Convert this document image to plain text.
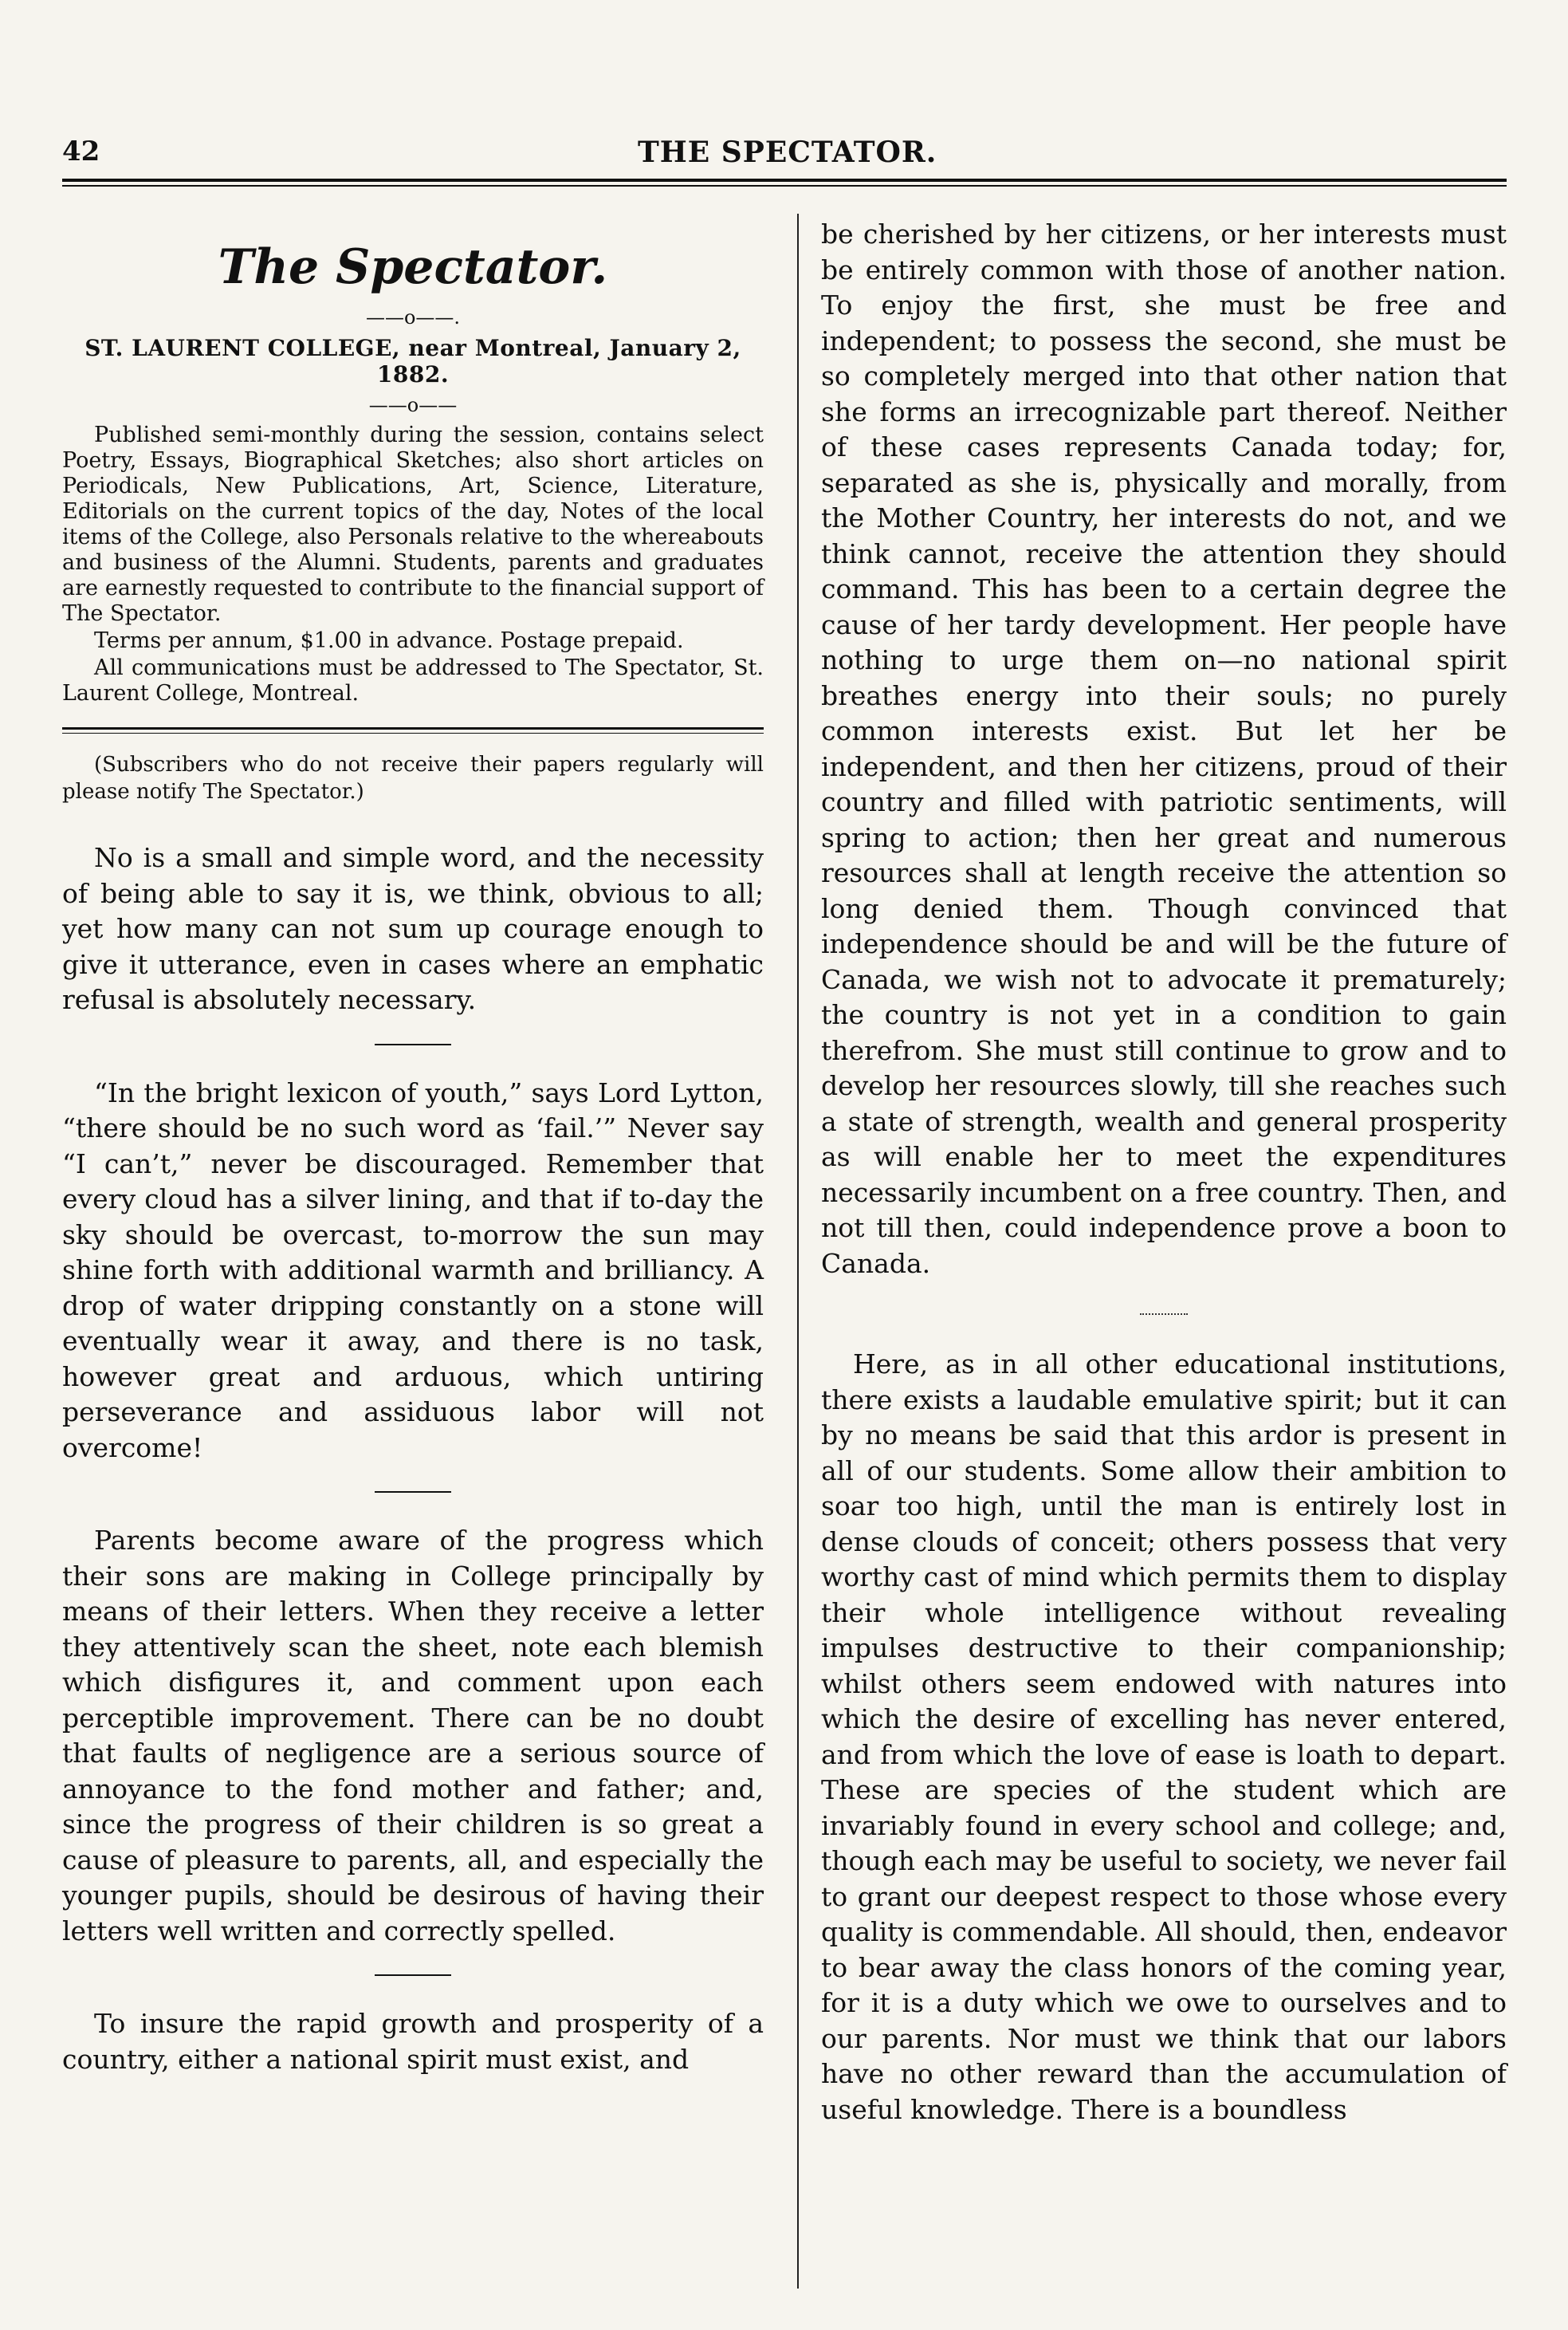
42	THE SPECTATOR.
The Spectator.
——o——.
ST. LAURENT COLLEGE, near Montreal, January 2, 1882.
——o——

Published semi-monthly during the session, contains select Poetry, Essays, Biographical Sketches; also short articles on Periodicals, New Publications, Art, Science, Literature, Editorials on the current topics of the day, Notes of the local items of the College, also Personals relative to the whereabouts and business of the Alumni. Students, parents and graduates are earnestly requested to contribute to the financial support of The Spectator.

Terms per annum, $1.00 in advance. Postage prepaid.

All communications must be addressed to The Spectator, St. Laurent College, Montreal.

(Subscribers who do not receive their papers regularly will please notify The Spectator.)

No is a small and simple word, and the necessity of being able to say it is, we think, obvious to all; yet how many can not sum up courage enough to give it utterance, even in cases where an emphatic refusal is absolutely necessary.

“In the bright lexicon of youth,” says Lord Lytton, “there should be no such word as ‘fail.’” Never say “I can’t,” never be discouraged. Remember that every cloud has a silver lining, and that if to-day the sky should be overcast, to-morrow the sun may shine forth with additional warmth and brilliancy. A drop of water dripping constantly on a stone will eventually wear it away, and there is no task, however great and arduous, which untiring perseverance and assiduous labor will not overcome!

Parents become aware of the progress which their sons are making in College principally by means of their letters. When they receive a letter they attentively scan the sheet, note each blemish which disfigures it, and comment upon each perceptible improvement. There can be no doubt that faults of negligence are a serious source of annoyance to the fond mother and father; and, since the progress of their children is so great a cause of pleasure to parents, all, and especially the younger pupils, should be desirous of having their letters well written and correctly spelled.

To insure the rapid growth and prosperity of a country, either a national spirit must exist, and

be cherished by her citizens, or her interests must be entirely common with those of another nation. To enjoy the first, she must be free and independent; to possess the second, she must be so completely merged into that other nation that she forms an irrecognizable part thereof. Neither of these cases represents Canada today; for, separated as she is, physically and morally, from the Mother Country, her interests do not, and we think cannot, receive the attention they should command. This has been to a certain degree the cause of her tardy development. Her people have nothing to urge them on—no national spirit breathes energy into their souls; no purely common interests exist. But let her be independent, and then her citizens, proud of their country and filled with patriotic sentiments, will spring to action; then her great and numerous resources shall at length receive the attention so long denied them. Though convinced that independence should be and will be the future of Canada, we wish not to advocate it prematurely; the country is not yet in a condition to gain therefrom. She must still continue to grow and to develop her resources slowly, till she reaches such a state of strength, wealth and general prosperity as will enable her to meet the expenditures necessarily incumbent on a free country. Then, and not till then, could independence prove a boon to Canada.

Here, as in all other educational institutions, there exists a laudable emulative spirit; but it can by no means be said that this ardor is present in all of our students. Some allow their ambition to soar too high, until the man is entirely lost in dense clouds of conceit; others possess that very worthy cast of mind which permits them to display their whole intelligence without revealing impulses destructive to their companionship; whilst others seem endowed with natures into which the desire of excelling has never entered, and from which the love of ease is loath to depart. These are species of the student which are invariably found in every school and college; and, though each may be useful to society, we never fail to grant our deepest respect to those whose every quality is commendable. All should, then, endeavor to bear away the class honors of the coming year, for it is a duty which we owe to ourselves and to our parents. Nor must we think that our labors have no other reward than the accumulation of useful knowledge. There is a boundless
